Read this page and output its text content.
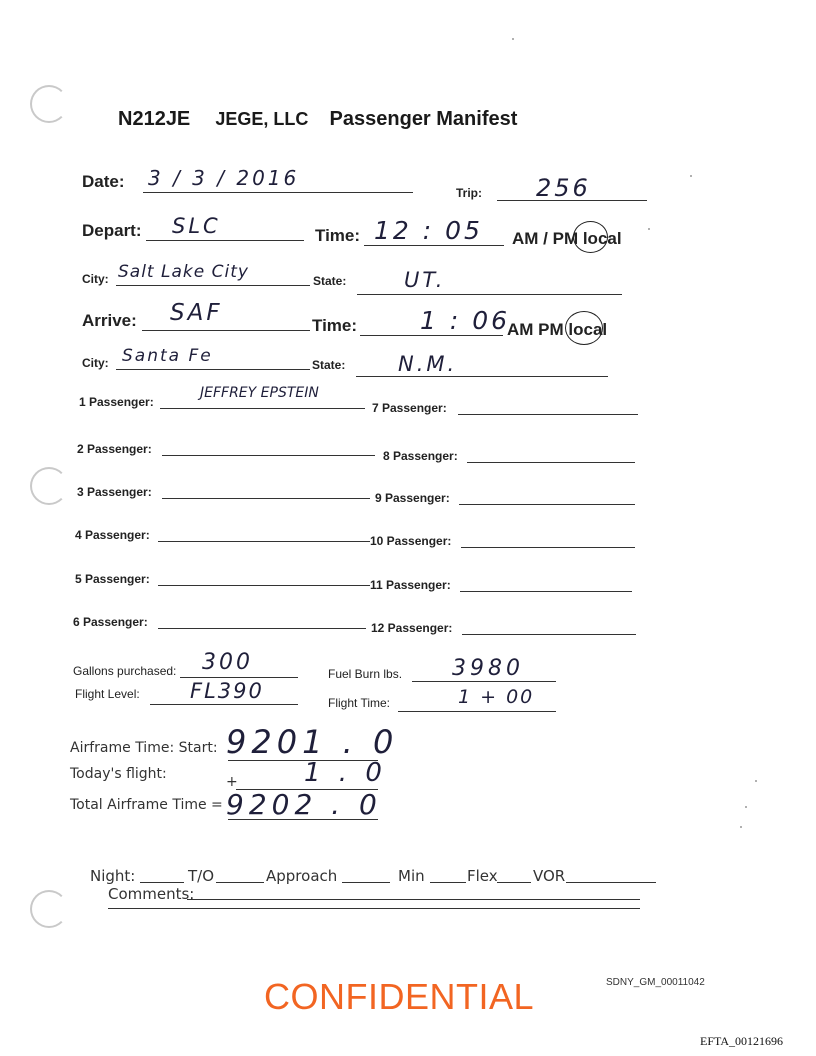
N212JE JEGE, LLC Passenger Manifest
Date: 3 / 3 / 2016
Trip: 256
Depart: SLC	Time: 12 : 05 AM / PM local
City: Salt Lake City	State:	UT.
Arrive: SAF	Time:	1 : 06
AM PM local
City: Santa Fe	State:	N.M.
1 Passenger:
JEFFREY EPSTEIN
2 Passenger:
3 Passenger:
4 Passenger:
5 Passenger:
6 Passenger:
7 Passenger:
8 Passenger:
9 Passenger:
10 Passenger:
11 Passenger:
12 Passenger:
Gallons purchased: 300	Fuel Burn lbs. 3980
Flight Level: FL390	Flight Time:	1 + 00
Airframe Time: Start: 9201 . 0
Today's flight:	+	1 . 0
Total Airframe Time = 9202 . 0
Night:	T/O	Approach	Min	Flex VOR
Comments:
SDNY_GM_00011042
CONFIDENTIAL
EFTA_00121696
